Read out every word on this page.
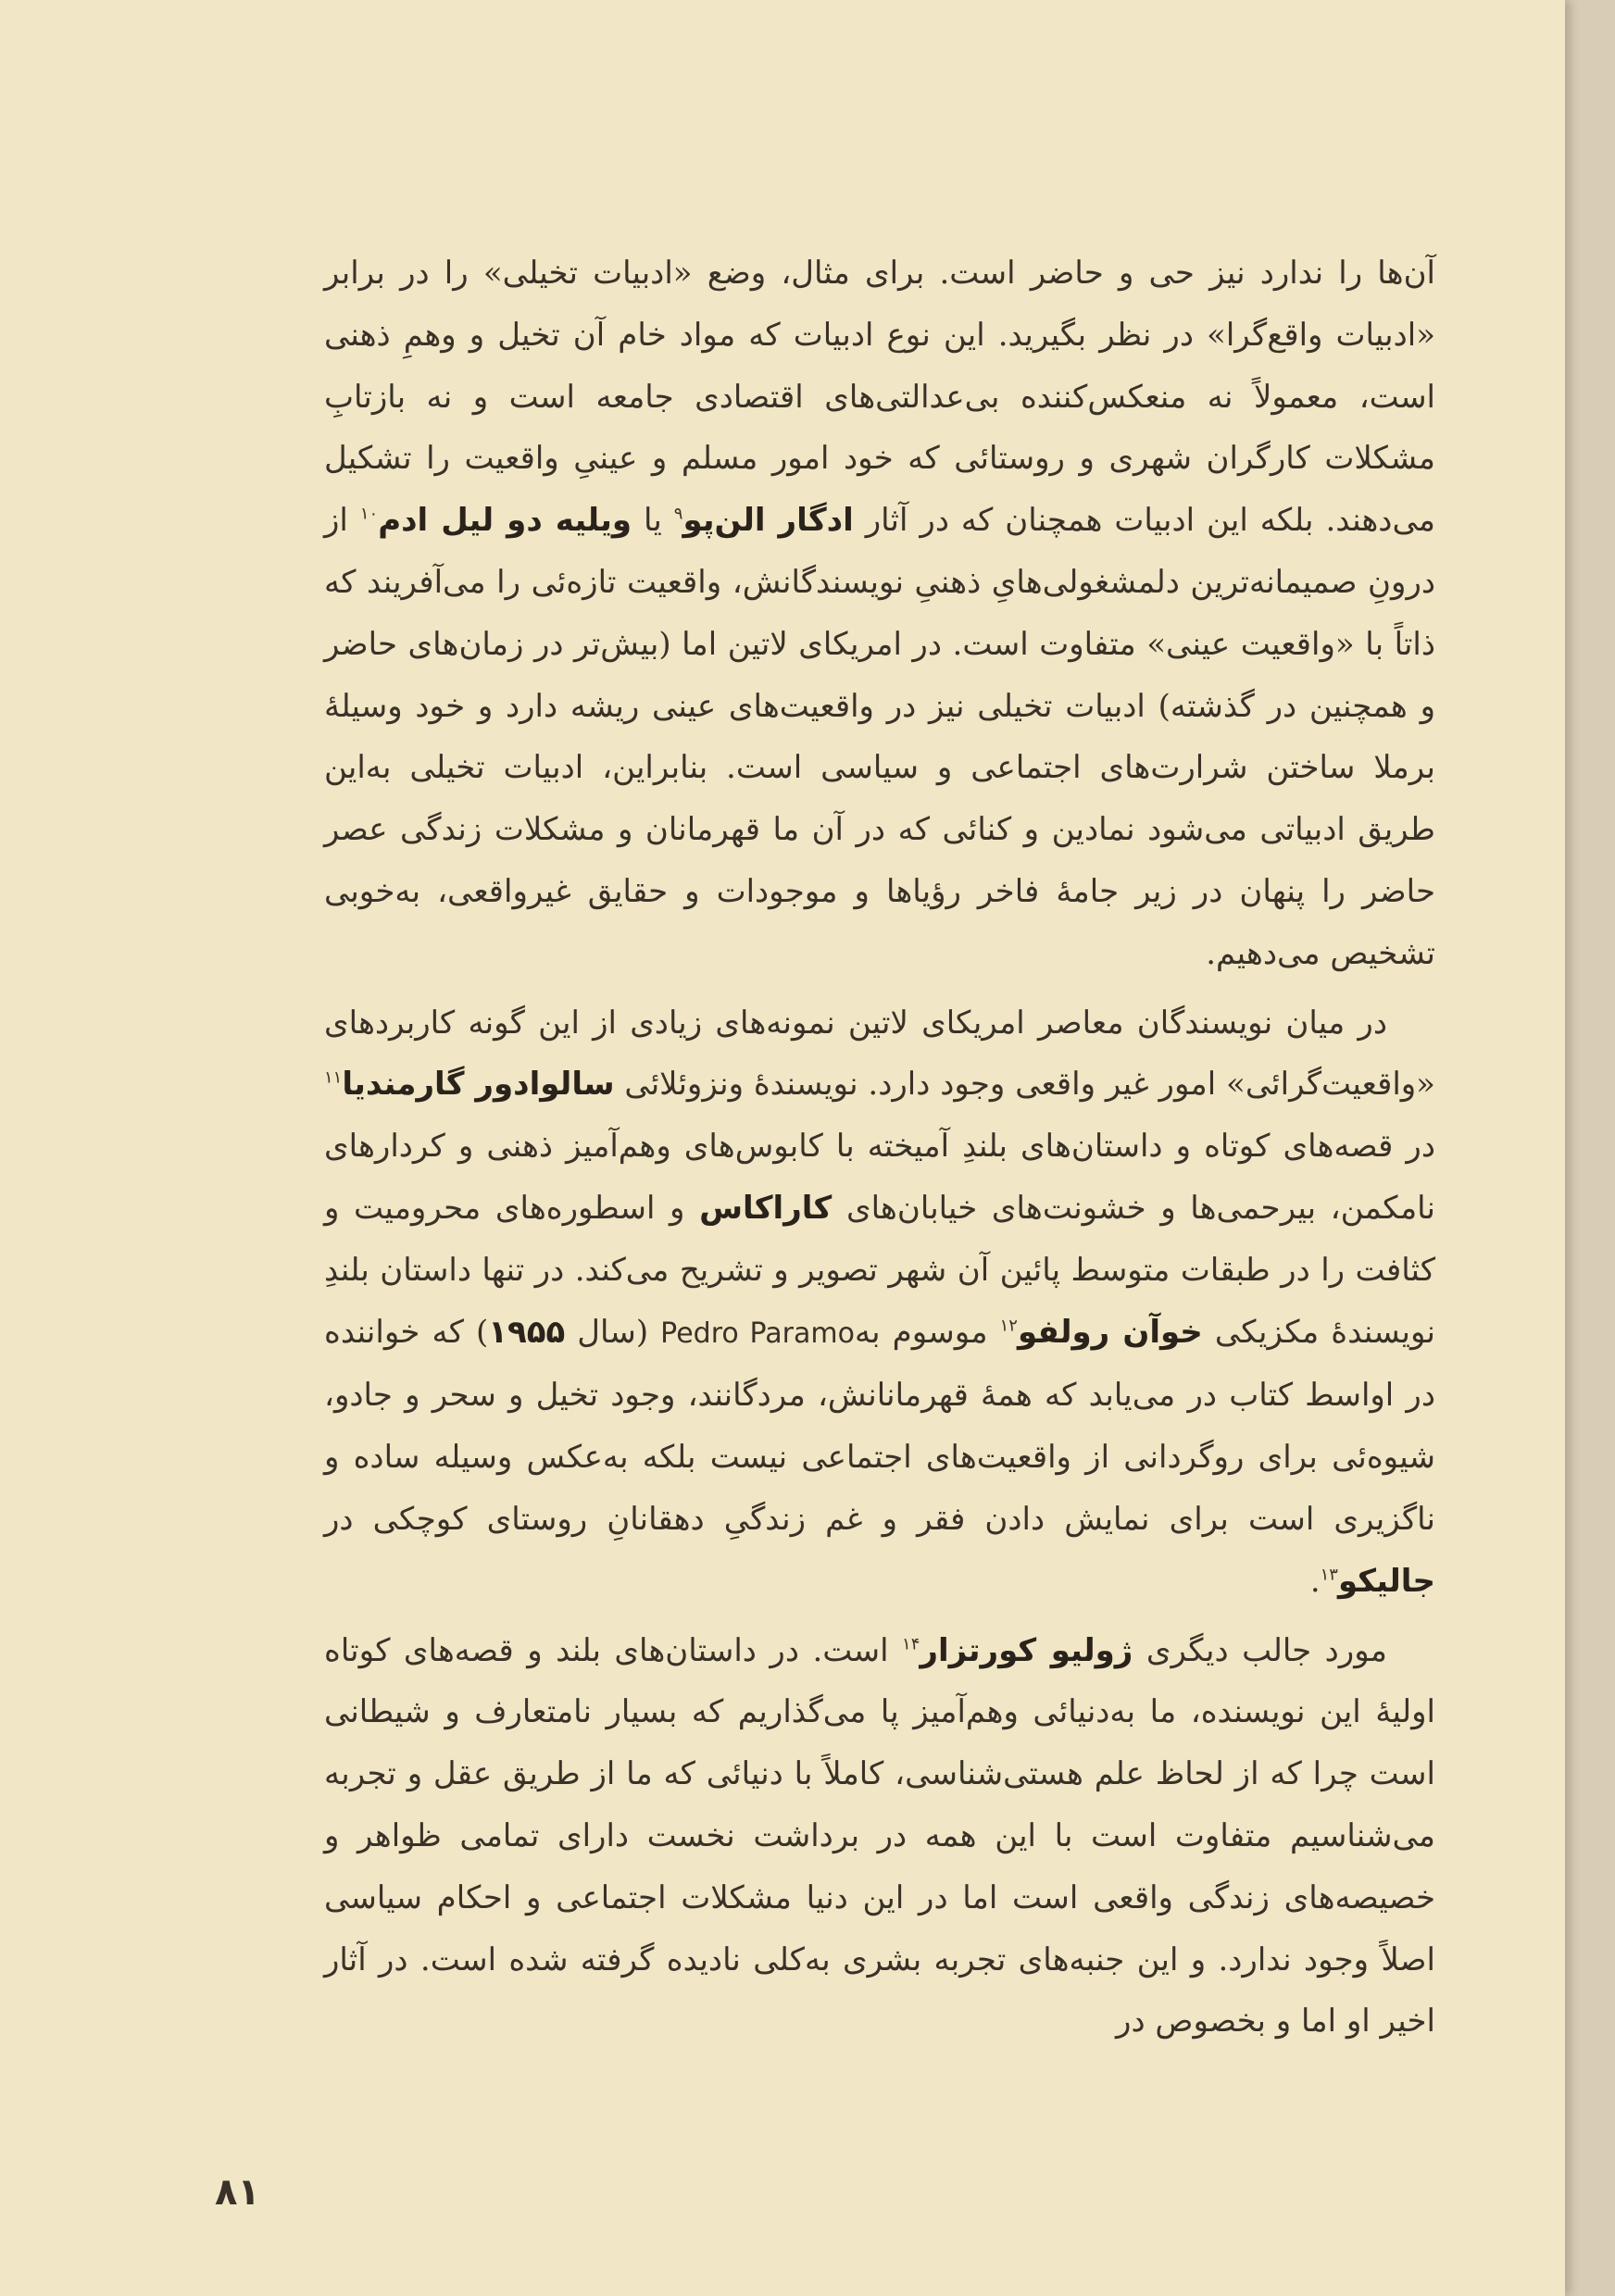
آن‌ها را ندارد نیز حی و حاضر است. برای مثال، وضع «ادبیات تخیلی» را در برابر «ادبیات واقع‌گرا» در نظر بگیرید. این نوع ادبیات که مواد خام آن تخیل و وهمِ ذهنی است، معمولاً نه منعکس‌کننده بی‌عدالتی‌های اقتصادی جامعه است و نه بازتابِ مشکلات کارگران شهری و روستائی که خود امور مسلم و عینیِ واقعیت را تشکیل می‌دهند. بلکه این ادبیات همچنان که در آثار ادگار الن‌پو$^۹$ یا ویلیه دو لیل ادم$^{۱۰}$ از درونِ صمیمانه‌ترین دلمشغولی‌هایِ ذهنیِ نویسندگانش، واقعیت تازه‌ئی را می‌آفریند که ذاتاً با «واقعیت عینی» متفاوت است. در امریکای لاتین اما (بیش‌تر در زمان‌های حاضر و همچنین در گذشته) ادبیات تخیلی نیز در واقعیت‌های عینی ریشه دارد و خود وسیلهٔ برملا ساختن شرارت‌های اجتماعی و سیاسی است. بنابراین، ادبیات تخیلی به‌این طریق ادبیاتی می‌شود نمادین و کنائی که در آن ما قهرمانان و مشکلات زندگی عصر حاضر را پنهان در زیر جامهٔ فاخر رؤیاها و موجودات و حقایق غیرواقعی، به‌خوبی تشخیص می‌دهیم.

در میان نویسندگان معاصر امریکای لاتین نمونه‌های زیادی از این گونه کاربردهای «واقعیت‌گرائی» امور غیر واقعی وجود دارد. نویسندهٔ ونزوئلائی سالوادور گارمندیا$^{۱۱}$ در قصه‌های کوتاه و داستان‌های بلندِ آمیخته با کابوس‌های وهم‌آمیز ذهنی و کردارهای نامکمن، بیرحمی‌ها و خشونت‌های خیابان‌های کاراکاس و اسطوره‌های محرومیت و کثافت را در طبقات متوسط پائین آن شهر تصویر و تشریح می‌کند. در تنها داستان بلندِ نویسندهٔ مکزیکی خوآن رولفو$^{۱۲}$ موسوم بهPedro Paramo (سال ۱۹۵۵) که خواننده در اواسط کتاب در می‌یابد که همهٔ قهرمانانش، مردگانند، وجود تخیل و سحر و جادو، شیوه‌ئی برای روگردانی از واقعیت‌های اجتماعی نیست بلکه به‌عکس وسیله ساده و ناگزیری است برای نمایش دادن فقر و غم زندگیِ دهقانانِ روستای کوچکی در جالیکو$^{۱۳}$.

مورد جالب دیگری ژولیو کورتزار$^{۱۴}$ است. در داستان‌های بلند و قصه‌های کوتاه اولیهٔ این نویسنده، ما به‌دنیائی وهم‌آمیز پا می‌گذاریم که بسیار نامتعارف و شیطانی است چرا که از لحاظ علم هستی‌شناسی، کاملاً با دنیائی که ما از طریق عقل و تجربه می‌شناسیم متفاوت است با این همه در برداشت نخست دارای تمامی ظواهر و خصیصه‌های زندگی واقعی است اما در این دنیا مشکلات اجتماعی و احکام سیاسی اصلاً وجود ندارد. و این جنبه‌های تجربه بشری به‌کلی نادیده گرفته شده است. در آثار اخیر او اما و بخصوص در

۸۱
